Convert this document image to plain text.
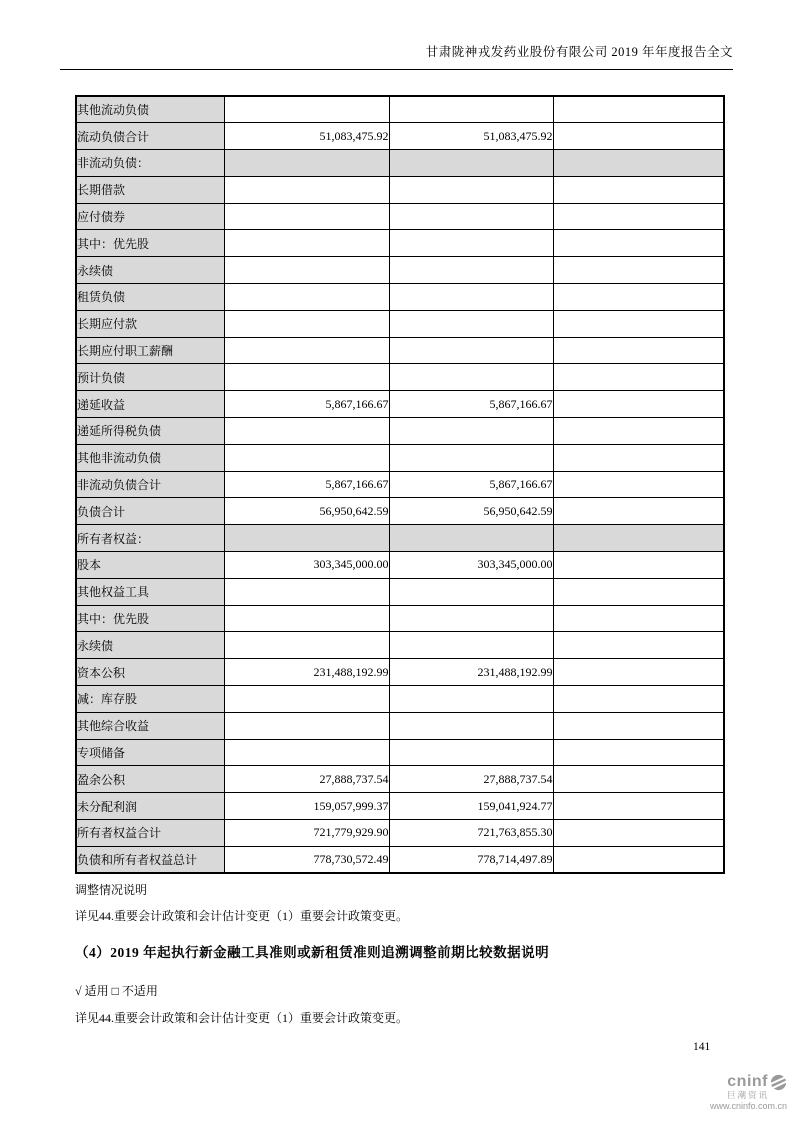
甘肃陇神戎发药业股份有限公司 2019 年年度报告全文
其他流动负债			
流动负债合计	51,083,475.92	51,083,475.92	
非流动负债：			
长期借款			
应付债券			
其中：优先股			
永续债			
租赁负债			
长期应付款			
长期应付职工薪酬			
预计负债			
递延收益	5,867,166.67	5,867,166.67	
递延所得税负债			
其他非流动负债			
非流动负债合计	5,867,166.67	5,867,166.67	
负债合计	56,950,642.59	56,950,642.59	
所有者权益：			
股本	303,345,000.00	303,345,000.00	
其他权益工具			
其中：优先股			
永续债			
资本公积	231,488,192.99	231,488,192.99	
减：库存股			
其他综合收益			
专项储备			
盈余公积	27,888,737.54	27,888,737.54	
未分配利润	159,057,999.37	159,041,924.77	
所有者权益合计	721,779,929.90	721,763,855.30	
负债和所有者权益总计	778,730,572.49	778,714,497.89	
调整情况说明
详见44.重要会计政策和会计估计变更（1）重要会计政策变更。
（4）2019 年起执行新金融工具准则或新租赁准则追溯调整前期比较数据说明
√ 适用 □ 不适用
详见44.重要会计政策和会计估计变更（1）重要会计政策变更。
141
cninf
巨潮资讯
www.cninfo.com.cn
